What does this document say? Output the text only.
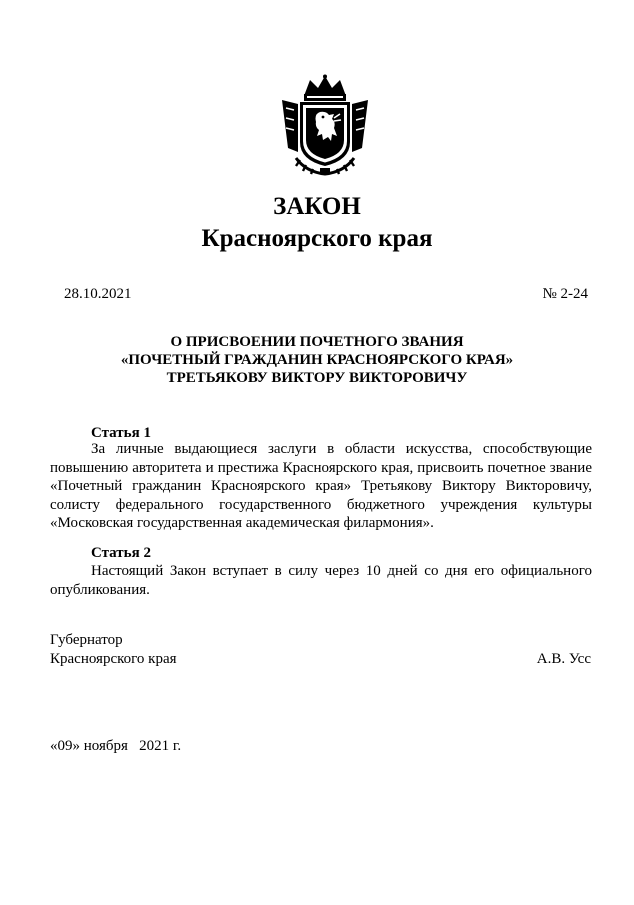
ЗАКОН
Красноярского края
28.10.2021	№ 2-24
О ПРИСВОЕНИИ ПОЧЕТНОГО ЗВАНИЯ
«ПОЧЕТНЫЙ ГРАЖДАНИН КРАСНОЯРСКОГО КРАЯ»
ТРЕТЬЯКОВУ ВИКТОРУ ВИКТОРОВИЧУ
Статья 1
За личные выдающиеся заслуги в области искусства, способствующие повышению авторитета и престижа Красноярского края, присвоить почетное звание «Почетный гражданин Красноярского края» Третьякову Виктору Викторовичу, солисту федерального государственного бюджетного учреждения культуры «Московская государственная академическая филармония».
Статья 2
Настоящий Закон вступает в силу через 10 дней со дня его официального опубликования.
Губернатор
Красноярского края	А.В. Усс
«09» ноября   2021 г.
